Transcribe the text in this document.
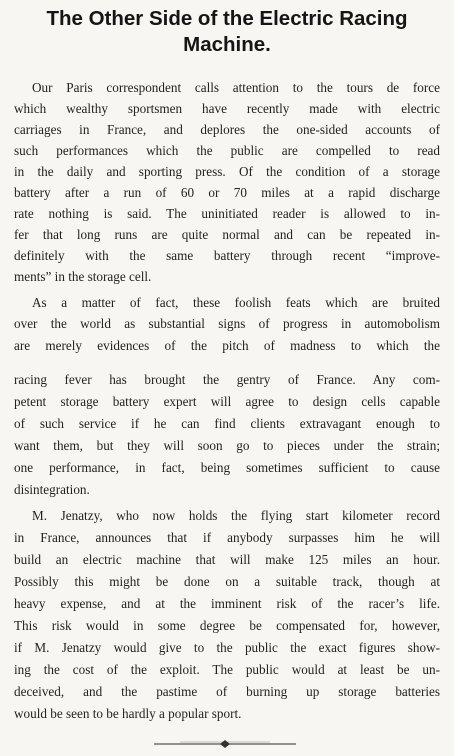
The Other Side of the Electric Racing
Machine.
Our Paris correspondent calls attention to the tours de force
which wealthy sportsmen have recently made with electric
carriages in France, and deplores the one-sided accounts of
such performances which the public are compelled to read
in the daily and sporting press. Of the condition of a storage
battery after a run of 60 or 70 miles at a rapid discharge
rate nothing is said. The uninitiated reader is allowed to in-
fer that long runs are quite normal and can be repeated in-
definitely with the same battery through recent “improve-
ments” in the storage cell.
As a matter of fact, these foolish feats which are bruited
over the world as substantial signs of progress in automobolism
are merely evidences of the pitch of madness to which the
racing fever has brought the gentry of France. Any com-
petent storage battery expert will agree to design cells capable
of such service if he can find clients extravagant enough to
want them, but they will soon go to pieces under the strain;
one performance, in fact, being sometimes sufficient to cause
disintegration.
M. Jenatzy, who now holds the flying start kilometer record
in France, announces that if anybody surpasses him he will
build an electric machine that will make 125 miles an hour.
Possibly this might be done on a suitable track, though at
heavy expense, and at the imminent risk of the racer’s life.
This risk would in some degree be compensated for, however,
if M. Jenatzy would give to the public the exact figures show-
ing the cost of the exploit. The public would at least be un-
deceived, and the pastime of burning up storage batteries
would be seen to be hardly a popular sport.
